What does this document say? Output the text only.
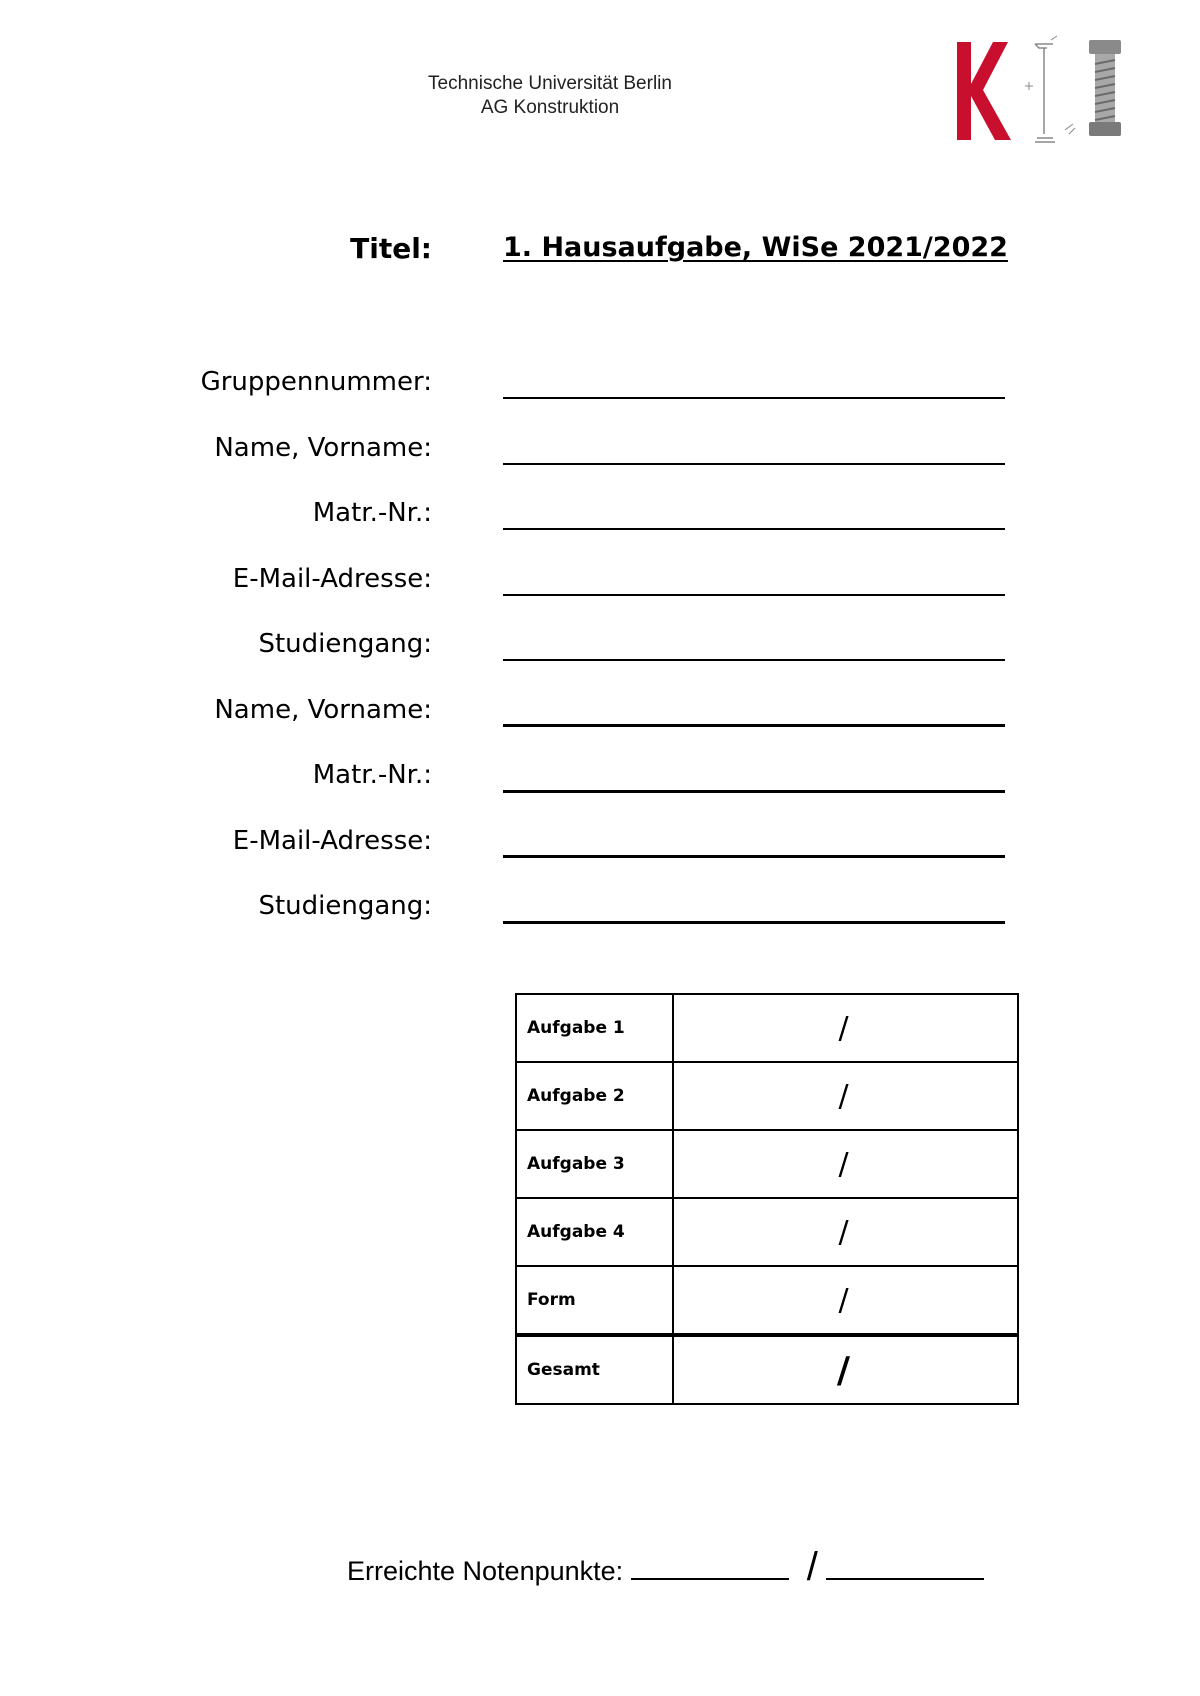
Technische Universität Berlin
AG Konstruktion
Titel:	1. Hausaufgabe, WiSe 2021/2022
Gruppennummer:
Name, Vorname:
Matr.-Nr.:
E-Mail-Adresse:
Studiengang:
Name, Vorname:
Matr.-Nr.:
E-Mail-Adresse:
Studiengang:
Aufgabe 1	/
Aufgabe 2	/
Aufgabe 3	/
Aufgabe 4	/
Form	/
Gesamt	/
Erreichte Notenpunkte:	/
